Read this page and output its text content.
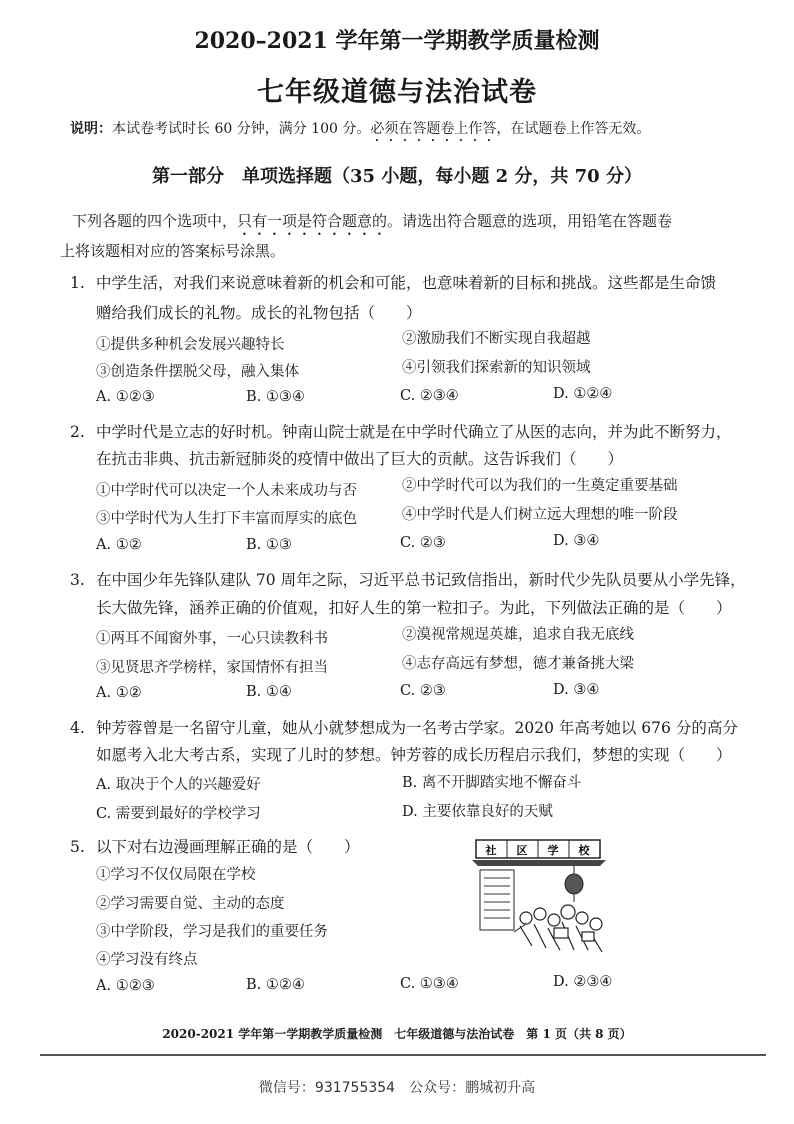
2020–2021 学年第一学期教学质量检测
七年级道德与法治试卷
说明：本试卷考试时长 60 分钟，满分 100 分。必须在答题卷上作答，在试题卷上作答无效。
第一部分　单项选择题（35 小题，每小题 2 分，共 70 分）
下列各题的四个选项中，只有一项是符合题意的。请选出符合题意的选项，用铅笔在答题卷
上将该题相对应的答案标号涂黑。
1. 中学生活，对我们来说意味着新的机会和可能，也意味着新的目标和挑战。这些都是生命馈
赠给我们成长的礼物。成长的礼物包括（　　）
①提供多种机会发展兴趣特长	②激励我们不断实现自我超越
③创造条件摆脱父母，融入集体	④引领我们探索新的知识领域
A. ①②③	B. ①③④	C. ②③④	D. ①②④
2. 中学时代是立志的好时机。钟南山院士就是在中学时代确立了从医的志向，并为此不断努力，
在抗击非典、抗击新冠肺炎的疫情中做出了巨大的贡献。这告诉我们（　　）
①中学时代可以决定一个人未来成功与否	②中学时代可以为我们的一生奠定重要基础
③中学时代为人生打下丰富而厚实的底色	④中学时代是人们树立远大理想的唯一阶段
A. ①②	B. ①③	C. ②③	D. ③④
3. 在中国少年先锋队建队 70 周年之际，习近平总书记致信指出，新时代少先队员要从小学先锋，
长大做先锋，涵养正确的价值观，扣好人生的第一粒扣子。为此，下列做法正确的是（　　）
①两耳不闻窗外事，一心只读教科书	②漠视常规逞英雄，追求自我无底线
③见贤思齐学榜样，家国情怀有担当	④志存高远有梦想，德才兼备挑大梁
A. ①②	B. ①④	C. ②③	D. ③④
4. 钟芳蓉曾是一名留守儿童，她从小就梦想成为一名考古学家。2020 年高考她以 676 分的高分
如愿考入北大考古系，实现了儿时的梦想。钟芳蓉的成长历程启示我们，梦想的实现（　　）
A. 取决于个人的兴趣爱好	B. 离不开脚踏实地不懈奋斗
C. 需要到最好的学校学习	D. 主要依靠良好的天赋
5. 以下对右边漫画理解正确的是（　　）
①学习不仅仅局限在学校
②学习需要自觉、主动的态度
③中学阶段，学习是我们的重要任务
④学习没有终点
A. ①②③	B. ①②④	C. ①③④	D. ②③④
社 区 学 校
2020-2021 学年第一学期教学质量检测　七年级道德与法治试卷　第 1 页（共 8 页）
微信号：931755354　公众号：鹏城初升高
